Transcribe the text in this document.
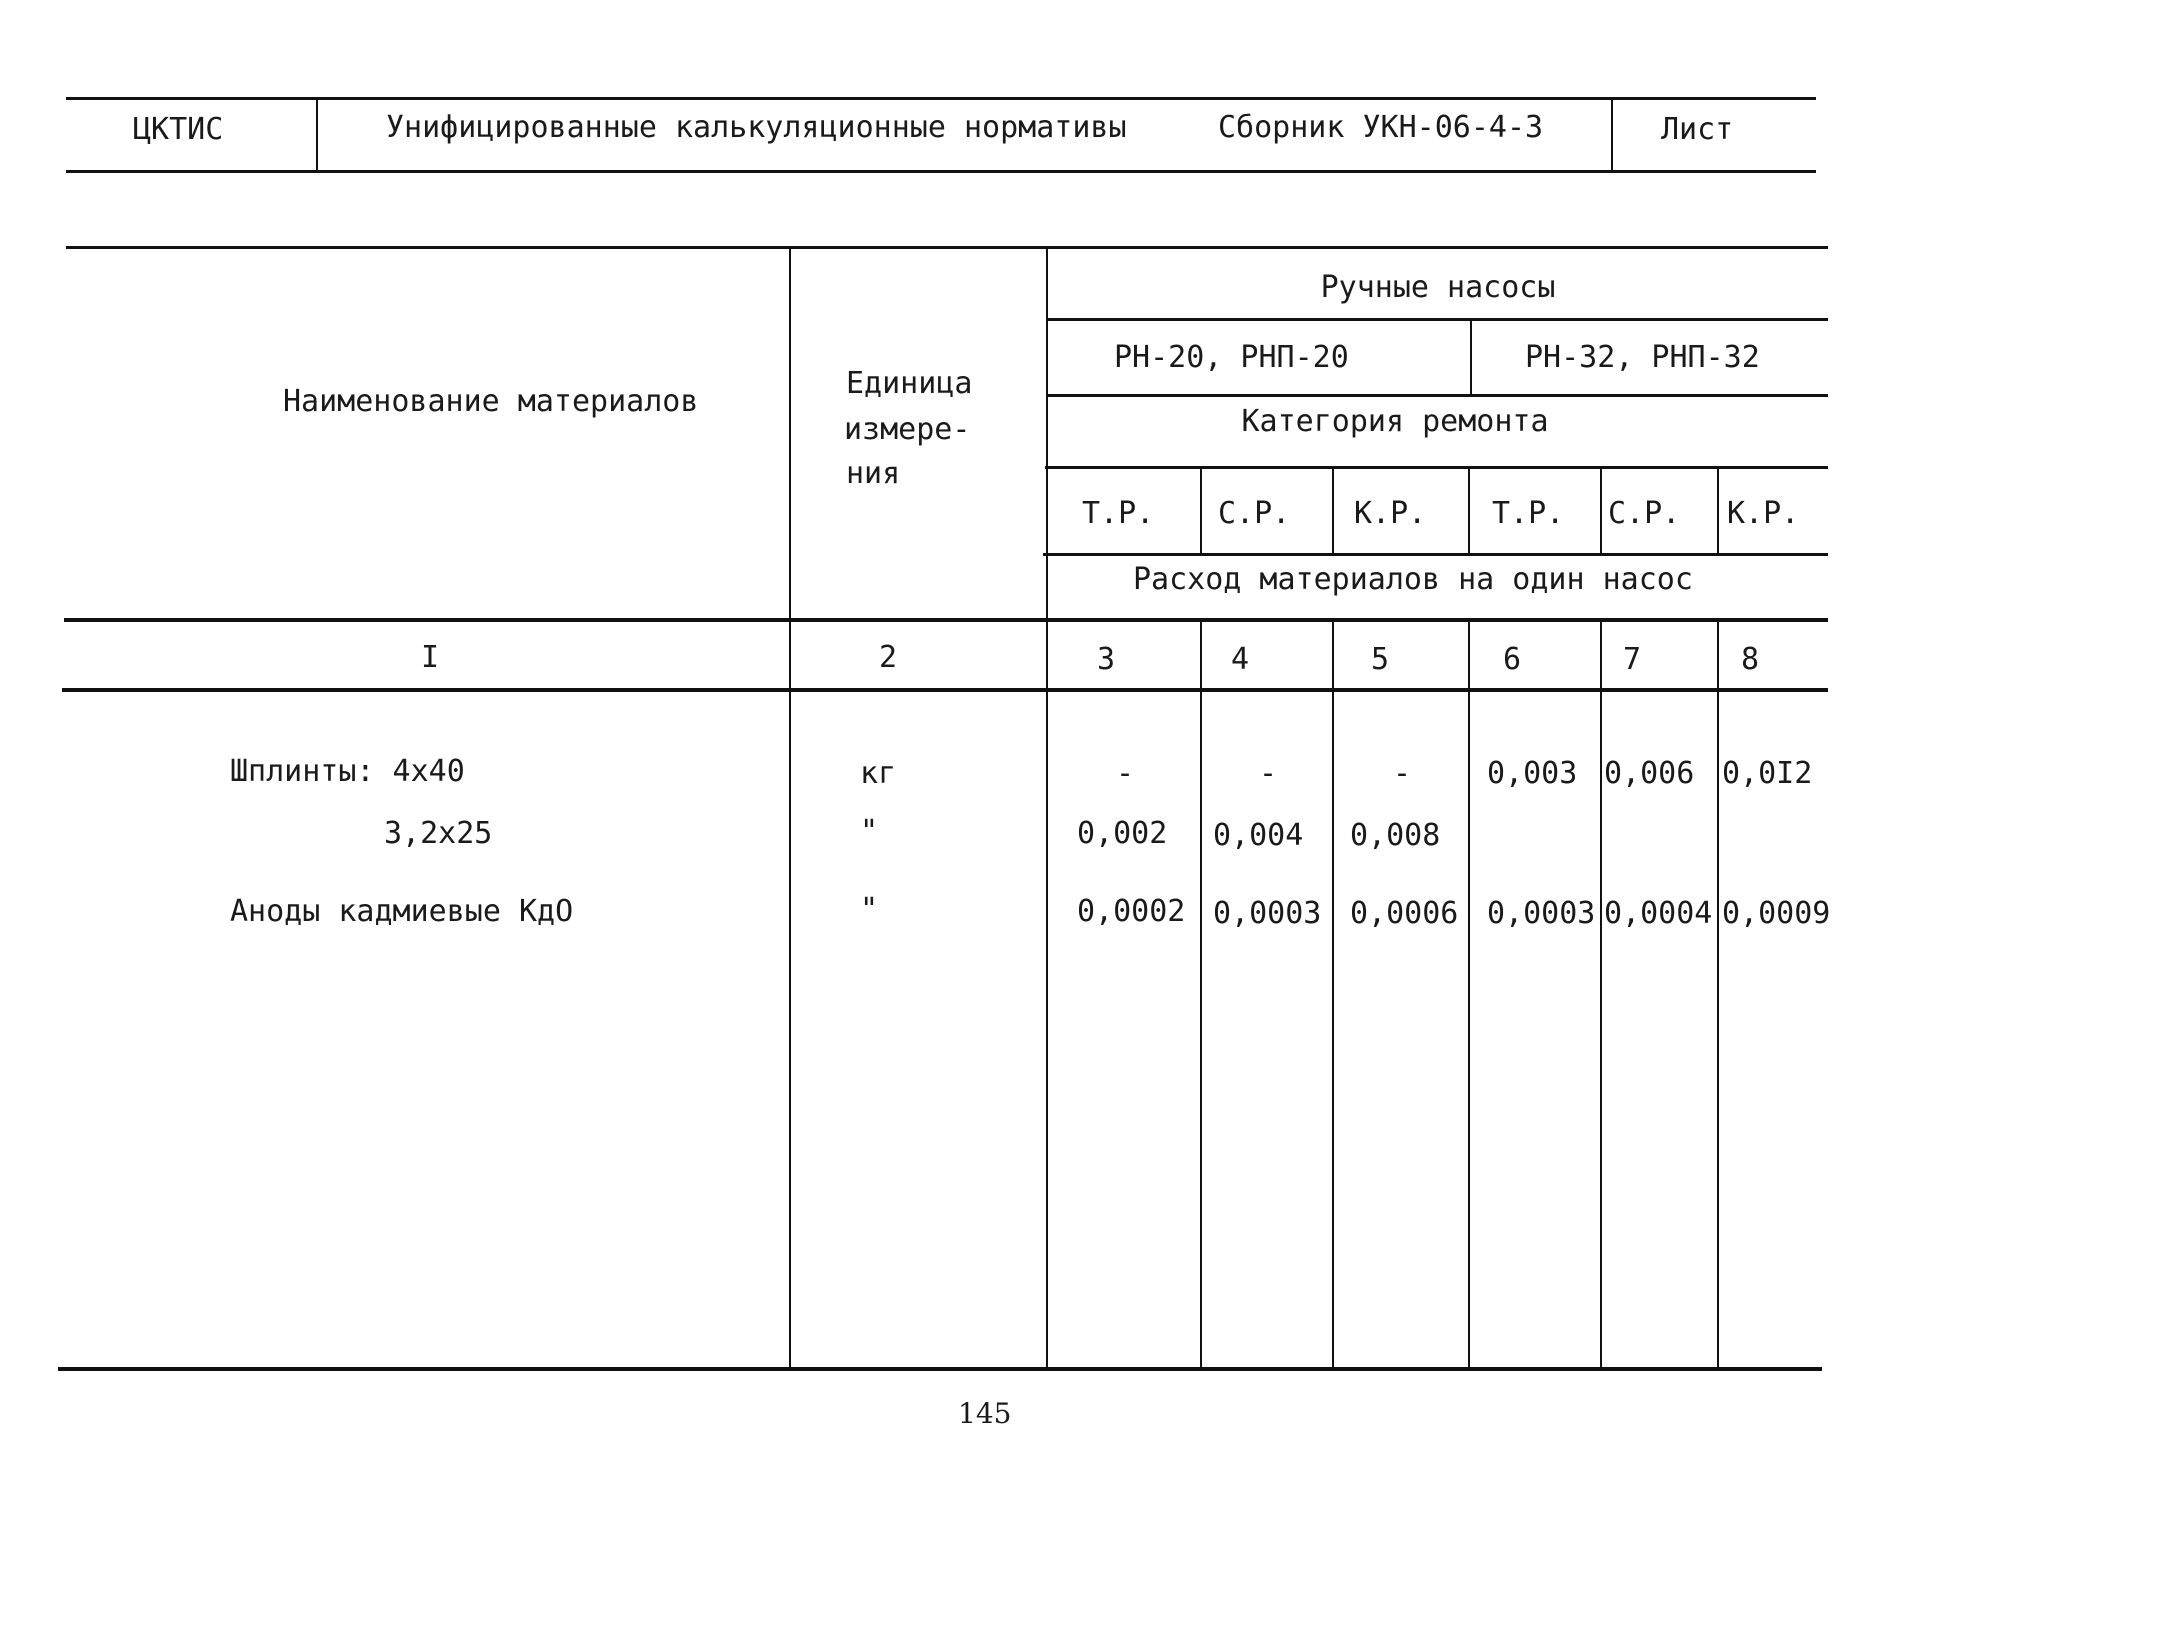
ЦКТИС	Унифицированные калькуляционные нормативы	Сборник УКН-06-4-3	Лист
Наименование материалов
Единица
измере-
ния
Ручные насосы
РН-20, РНП-20	РН-32, РНП-32
Категория ремонта
Т.Р. С.Р. К.Р. Т.Р. С.Р. К.Р.
Расход материалов на один насос
I	2	3	4	5	6	7	8
Шплинты: 4х40	кг	-	-	-	0,003 0,006 0,0I2
3,2х25	"	0,002 0,004 0,008
Аноды кадмиевые КдО	"	0,0002 0,0003 0,0006 0,0003 0,0004 0,0009
145
